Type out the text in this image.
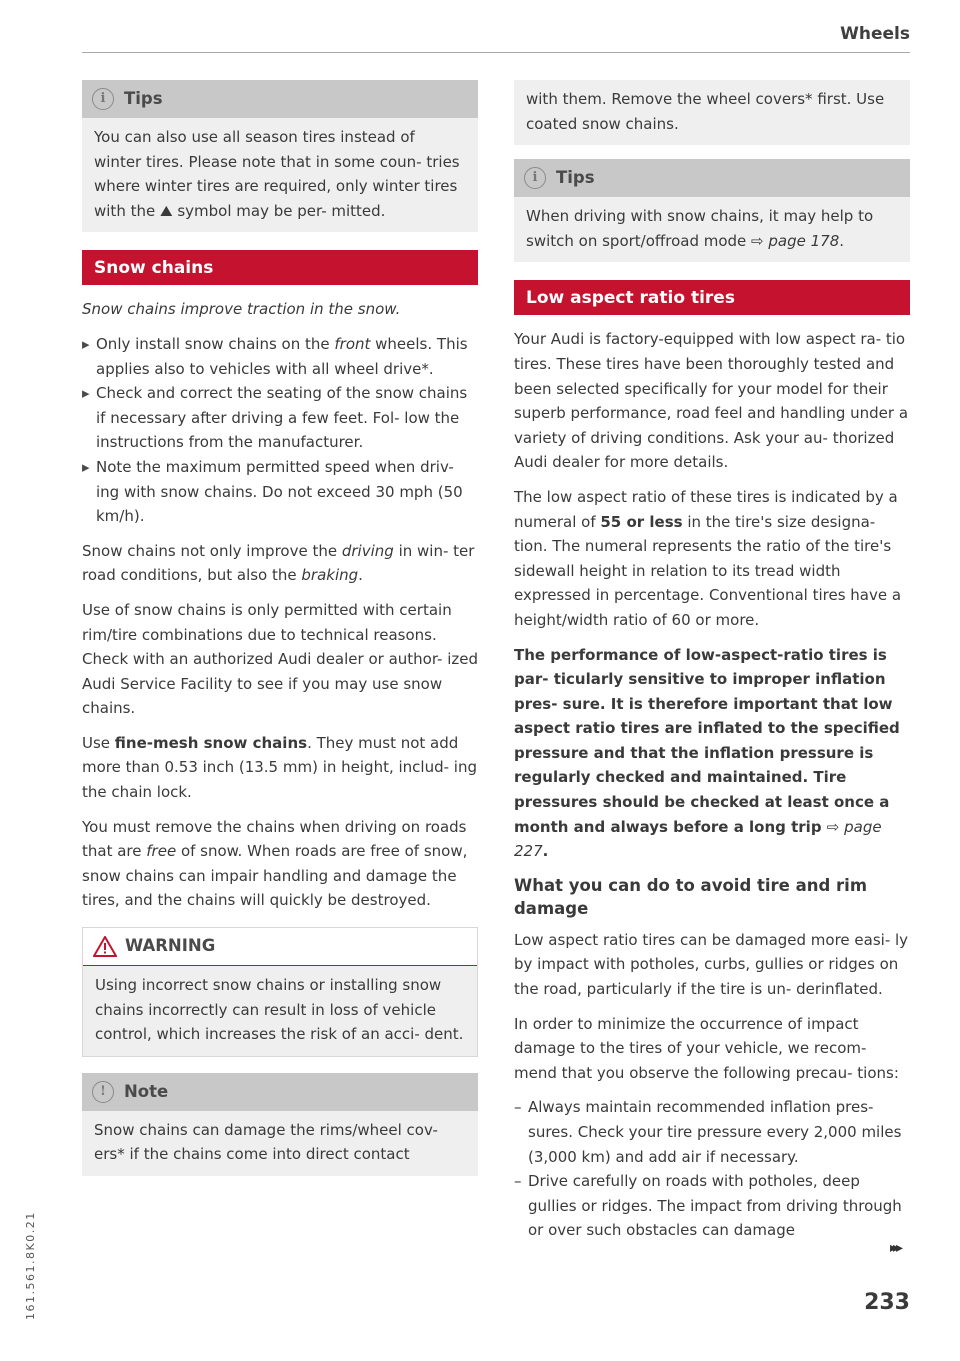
Wheels
i	Tips

You can also use all season tires instead of winter tires. Please note that in some coun- tries where winter tires are required, only winter tires with the ⛰ symbol may be per- mitted.

Snow chains

Snow chains improve traction in the snow.

▸ Only install snow chains on the front wheels. This applies also to vehicles with all wheel drive*.
▸ Check and correct the seating of the snow chains if necessary after driving a few feet. Fol- low the instructions from the manufacturer.
▸ Note the maximum permitted speed when driv- ing with snow chains. Do not exceed 30 mph (50 km/h).

Snow chains not only improve the driving in win- ter road conditions, but also the braking.

Use of snow chains is only permitted with certain rim/tire combinations due to technical reasons. Check with an authorized Audi dealer or author- ized Audi Service Facility to see if you may use snow chains.

Use fine-mesh snow chains. They must not add more than 0.53 inch (13.5 mm) in height, includ- ing the chain lock.

You must remove the chains when driving on roads that are free of snow. When roads are free of snow, snow chains can impair handling and damage the tires, and the chains will quickly be destroyed.

WARNING

Using incorrect snow chains or installing snow chains incorrectly can result in loss of vehicle control, which increases the risk of an acci- dent.

!	Note

Snow chains can damage the rims/wheel cov- ers* if the chains come into direct contact

with them. Remove the wheel covers* first. Use coated snow chains.

i	Tips

When driving with snow chains, it may help to switch on sport/offroad mode ⇨ page 178.

Low aspect ratio tires

Your Audi is factory-equipped with low aspect ra- tio tires. These tires have been thoroughly tested and been selected specifically for your model for their superb performance, road feel and handling under a variety of driving conditions. Ask your au- thorized Audi dealer for more details.

The low aspect ratio of these tires is indicated by a numeral of 55 or less in the tire's size designa- tion. The numeral represents the ratio of the tire's sidewall height in relation to its tread width expressed in percentage. Conventional tires have a height/width ratio of 60 or more.

The performance of low-aspect-ratio tires is par- ticularly sensitive to improper inflation pres- sure. It is therefore important that low aspect ratio tires are inflated to the specified pressure and that the inflation pressure is regularly checked and maintained. Tire pressures should be checked at least once a month and always before a long trip ⇨ page 227.

What you can do to avoid tire and rim damage

Low aspect ratio tires can be damaged more easi- ly by impact with potholes, curbs, gullies or ridges on the road, particularly if the tire is un- derinflated.

In order to minimize the occurrence of impact damage to the tires of your vehicle, we recom- mend that you observe the following precau- tions:

– Always maintain recommended inflation pres- sures. Check your tire pressure every 2,000 miles (3,000 km) and add air if necessary.
– Drive carefully on roads with potholes, deep gullies or ridges. The impact from driving through or over such obstacles can damage
▸▸▸
233
161.561.8K0.21
